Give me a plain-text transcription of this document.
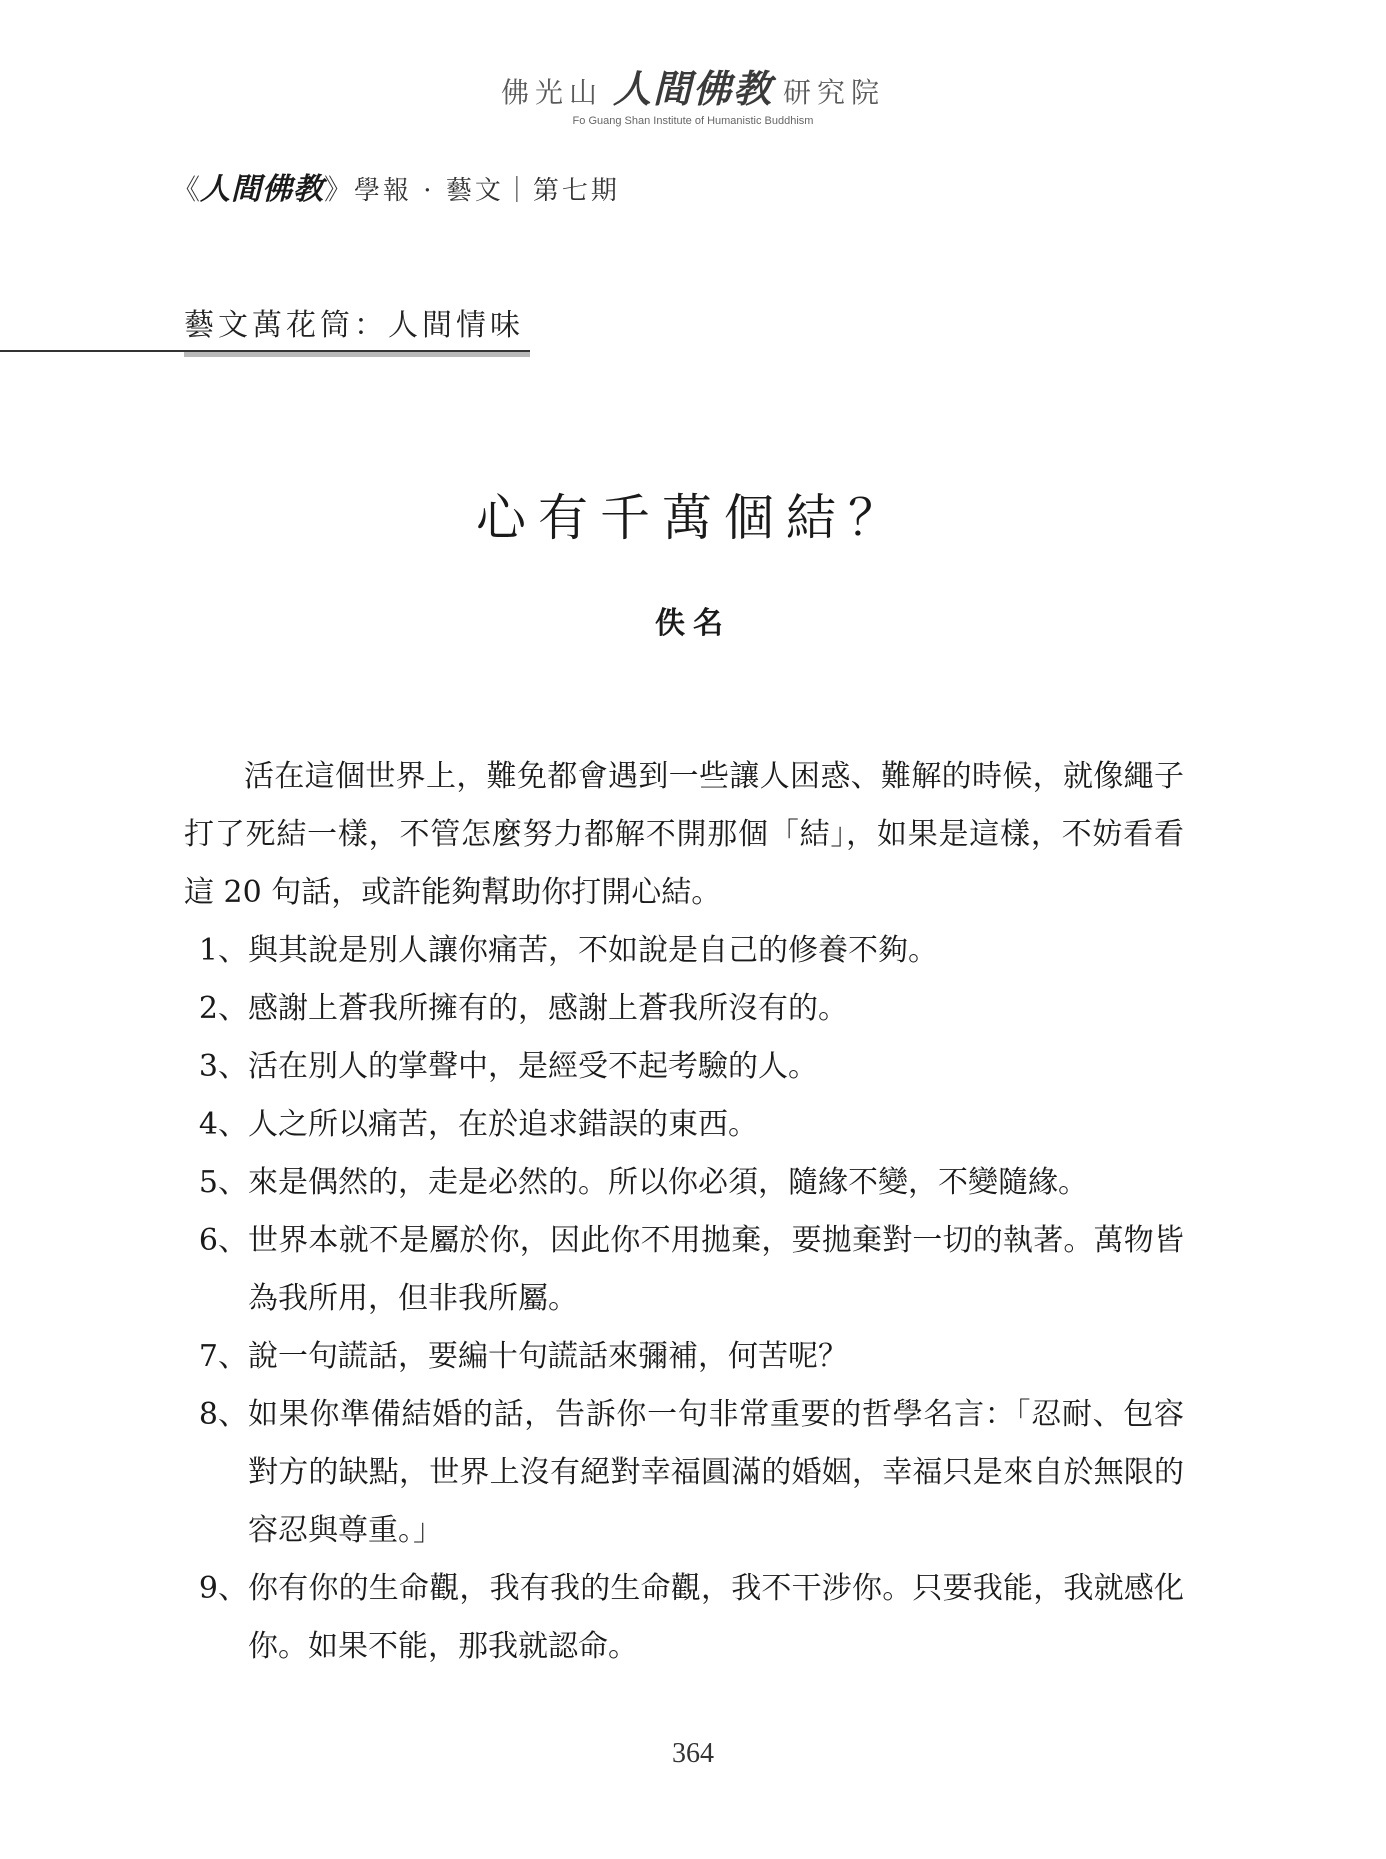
佛光山 人間佛教 研究院
Fo Guang Shan Institute of Humanistic Buddhism
《 人間佛教 》 學報 · 藝文｜第七期
藝文萬花筒：人間情味
心有千萬個結？
佚名

活在這個世界上，難免都會遇到一些讓人困惑、難解的時候，就像繩子打了死結一樣，不管怎麼努力都解不開那個「結」，如果是這樣，不妨看看這 20 句話，或許能夠幫助你打開心結。

1、 與其說是別人讓你痛苦，不如說是自己的修養不夠。
2、 感謝上蒼我所擁有的，感謝上蒼我所沒有的。
3、 活在別人的掌聲中，是經受不起考驗的人。
4、 人之所以痛苦，在於追求錯誤的東西。
5、 來是偶然的，走是必然的。所以你必須，隨緣不變，不變隨緣。
6、 世界本就不是屬於你，因此你不用拋棄，要拋棄對一切的執著。萬物皆為我所用，但非我所屬。
7、 說一句謊話，要編十句謊話來彌補，何苦呢？
8、 如果你準備結婚的話，告訴你一句非常重要的哲學名言：「忍耐、包容對方的缺點，世界上沒有絕對幸福圓滿的婚姻，幸福只是來自於無限的容忍與尊重。」
9、 你有你的生命觀，我有我的生命觀，我不干涉你。只要我能，我就感化你。如果不能，那我就認命。
364
